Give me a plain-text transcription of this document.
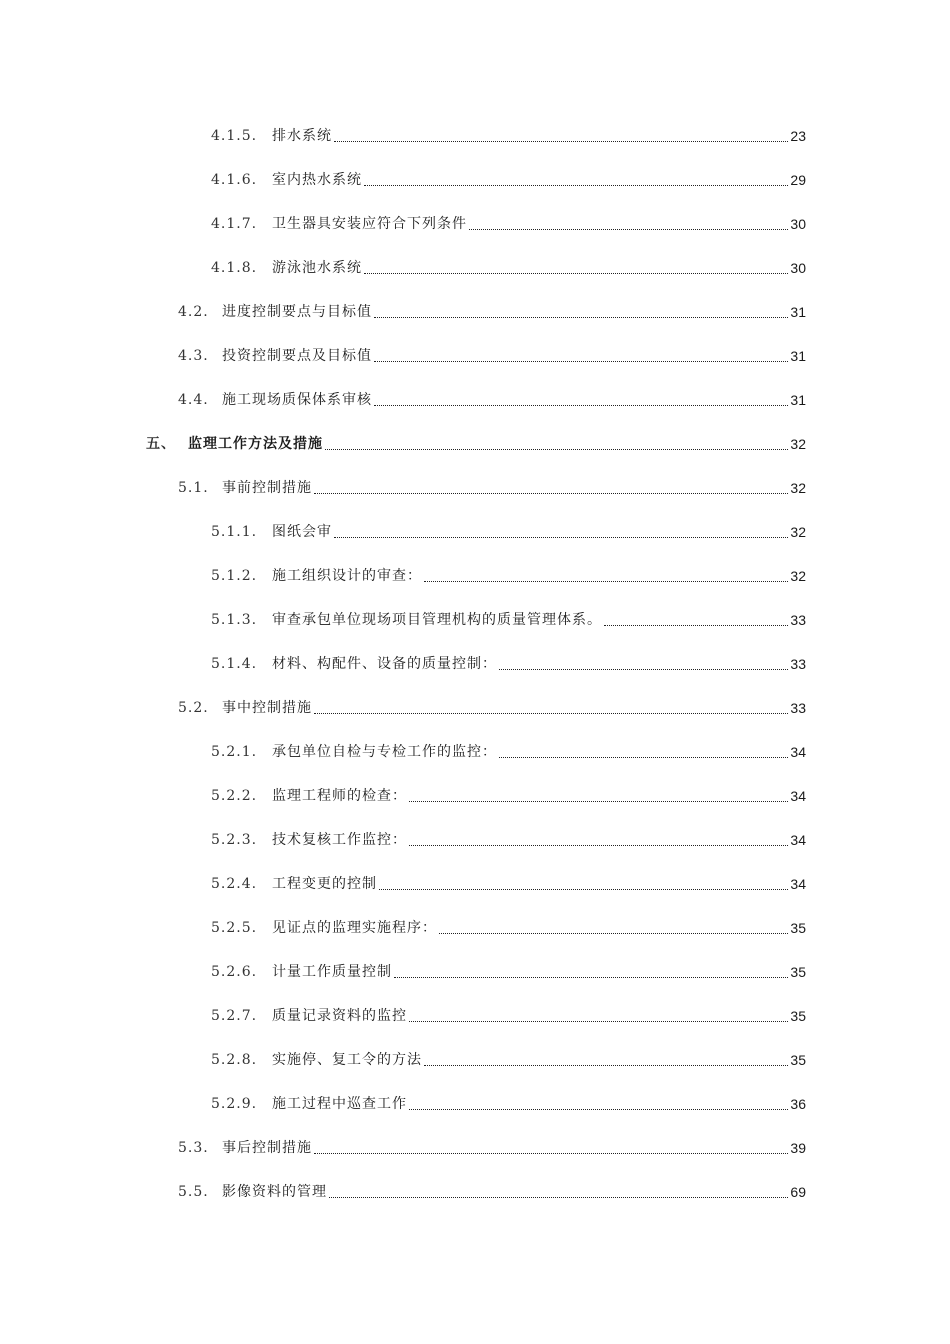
4.1.5.	排水系统	23
4.1.6.	室内热水系统	29
4.1.7.	卫生器具安装应符合下列条件	30
4.1.8.	游泳池水系统	30
4.2. 进度控制要点与目标值	31
4.3. 投资控制要点及目标值	31
4.4. 施工现场质保体系审核	31
五、 监理工作方法及措施	32
5.1. 事前控制措施	32
5.1.1.	图纸会审	32
5.1.2.	施工组织设计的审查：	32
5.1.3.	审查承包单位现场项目管理机构的质量管理体系。	33
5.1.4.	材料、构配件、设备的质量控制：	33
5.2. 事中控制措施	33
5.2.1.	承包单位自检与专检工作的监控：	34
5.2.2.	监理工程师的检查：	34
5.2.3.	技术复核工作监控：	34
5.2.4.	工程变更的控制	34
5.2.5.	见证点的监理实施程序：	35
5.2.6.	计量工作质量控制	35
5.2.7.	质量记录资料的监控	35
5.2.8.	实施停、复工令的方法	35
5.2.9.	施工过程中巡查工作	36
5.3. 事后控制措施	39
5.5. 影像资料的管理	69
